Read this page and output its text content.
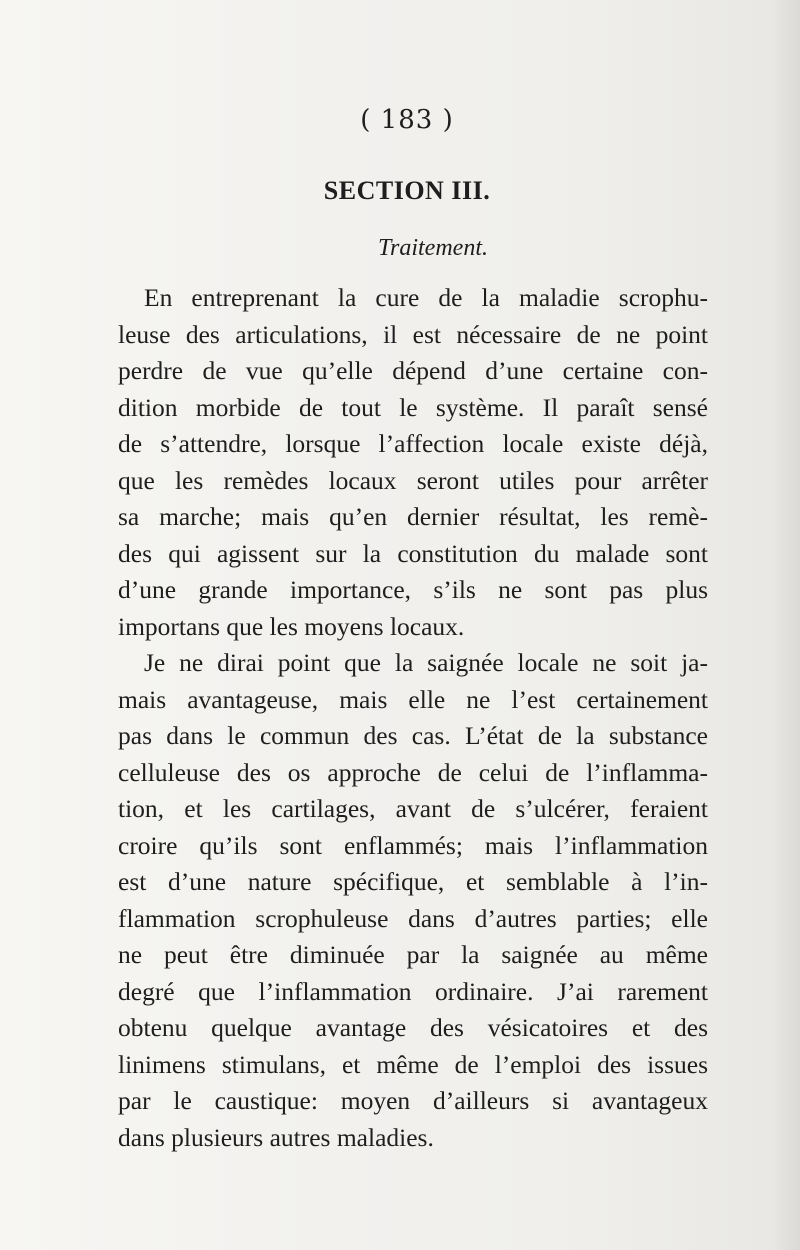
( 183 )
SECTION III.
Traitement.

En entreprenant la cure de la maladie scrophu-
leuse des articulations, il est nécessaire de ne point
perdre de vue qu’elle dépend d’une certaine con-
dition morbide de tout le système. Il paraît sensé
de s’attendre, lorsque l’affection locale existe déjà,
que les remèdes locaux seront utiles pour arrêter
sa marche; mais qu’en dernier résultat, les remè-
des qui agissent sur la constitution du malade sont
d’une grande importance, s’ils ne sont pas plus
importans que les moyens locaux.

Je ne dirai point que la saignée locale ne soit ja-
mais avantageuse, mais elle ne l’est certainement
pas dans le commun des cas. L’état de la substance
celluleuse des os approche de celui de l’inflamma-
tion, et les cartilages, avant de s’ulcérer, feraient
croire qu’ils sont enflammés; mais l’inflammation
est d’une nature spécifique, et semblable à l’in-
flammation scrophuleuse dans d’autres parties; elle
ne peut être diminuée par la saignée au même
degré que l’inflammation ordinaire. J’ai rarement
obtenu quelque avantage des vésicatoires et des
linimens stimulans, et même de l’emploi des issues
par le caustique: moyen d’ailleurs si avantageux
dans plusieurs autres maladies.
